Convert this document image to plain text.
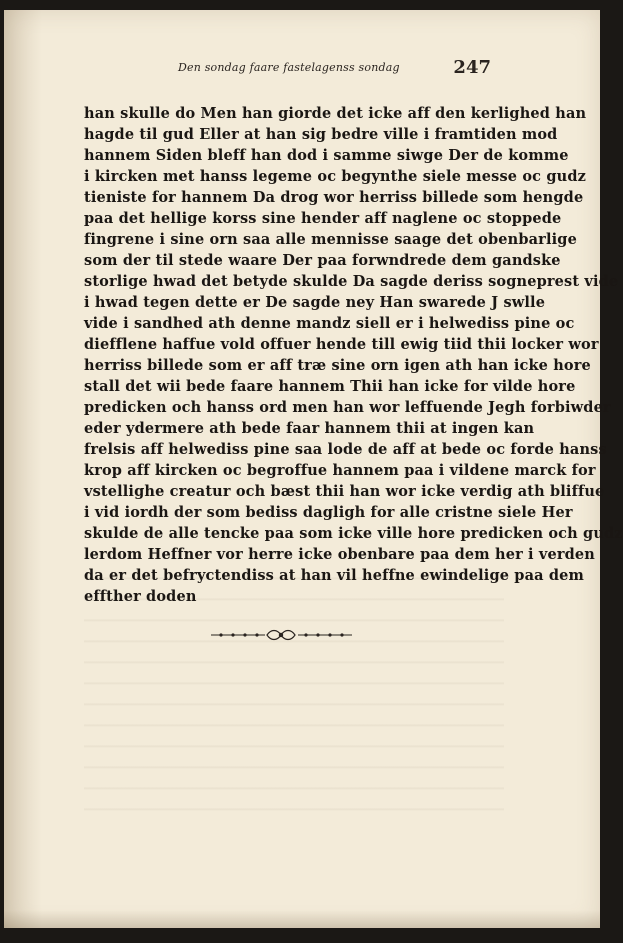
Den sondag faare fastelagenss sondag	247
han skulle do Men han giorde det icke aff den kerlighed han
hagde til gud Eller at han sig bedre ville i framtiden mod
hannem Siden bleff han dod i samme siwge Der de komme
i kircken met hanss legeme oc begynthe siele messe oc gudz
tieniste for hannem Da drog wor herriss billede som hengde
paa det hellige korss sine hender aff naglene oc stoppede
fingrene i sine orn saa alle mennisse saage det obenbarlige
som der til stede waare Der paa forwndrede dem gandske
storlige hwad det betyde skulde Da sagde deriss sogneprest vide
i hwad tegen dette er De sagde ney Han swarede J swlle
vide i sandhed ath denne mandz siell er i helwediss pine oc
diefflene haffue vold offuer hende till ewig tiid thii locker wor
herriss billede som er aff træ sine orn igen ath han icke hore
stall det wii bede faare hannem Thii han icke for vilde hore
predicken och hanss ord men han wor leffuende Jegh forbiwder
eder ydermere ath bede faar hannem thii at ingen kan
frelsis aff helwediss pine saa lode de aff at bede oc forde hanss
krop aff kircken oc begroffue hannem paa i vildene marck for
vstellighe creatur och bæst thii han wor icke verdig ath bliffue
i vid iordh der som bediss dagligh for alle cristne siele Her
skulde de alle tencke paa som icke ville hore predicken och gudz
lerdom Heffner vor herre icke obenbare paa dem her i verden
da er det befryctendiss at han vil heffne ewindelige paa dem
effther doden
